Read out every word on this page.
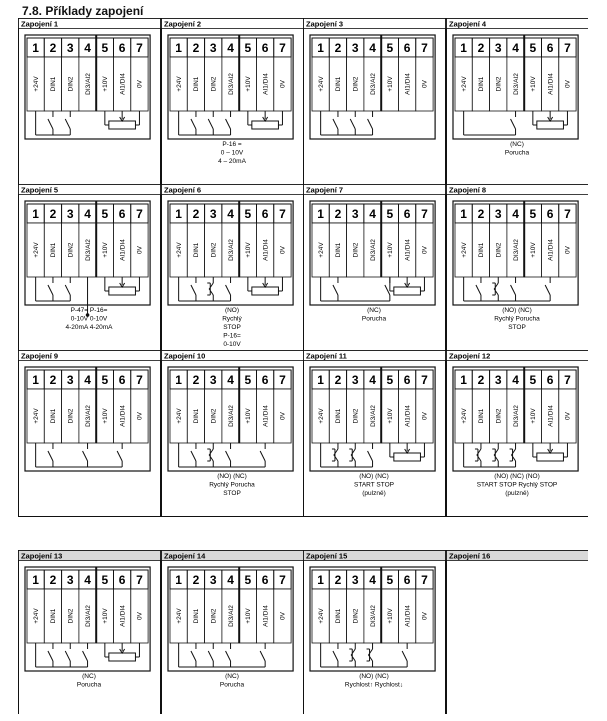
7.8. Příklady zapojení
Zapojení 1
1
+24V
2
DIN1
3
DIN2
4
DI3/AI2
5
+10V
6
AI1/DI4
7
0V
Zapojení 2
1
+24V
2
DIN1
3
DIN2
4
DI3/AI2
5
+10V
6
AI1/DI4
7
0V
P-16 =
0 – 10V
4 – 20mA
Zapojení 3
1
+24V
2
DIN1
3
DIN2
4
DI3/AI2
5
+10V
6
AI1/DI4
7
0V
Zapojení 4
1
+24V
2
DIN1
3
DIN2
4
DI3/AI2
5
+10V
6
AI1/DI4
7
0V
(NC)
Porucha
Zapojení 5
1
+24V
2
DIN1
3
DIN2
4
DI3/AI2
5
+10V
6
AI1/DI4
7
0V
P-47= P-16=
0-10V 0-10V
4-20mA 4-20mA
Zapojení 6
1
+24V
2
DIN1
3
DIN2
4
DI3/AI2
5
+10V
6
AI1/DI4
7
0V
(NO)
Rychlý
STOP
P-16=
0-10V
Zapojení 7
1
+24V
2
DIN1
3
DIN2
4
DI3/AI2
5
+10V
6
AI1/DI4
7
0V
(NC)
Porucha
Zapojení 8
1
+24V
2
DIN1
3
DIN2
4
DI3/AI2
5
+10V
6
AI1/DI4
7
0V
(NO) (NC)
Rychlý Porucha
STOP
Zapojení 9
1
+24V
2
DIN1
3
DIN2
4
DI3/AI2
5
+10V
6
AI1/DI4
7
0V
Zapojení 10
1
+24V
2
DIN1
3
DIN2
4
DI3/AI2
5
+10V
6
AI1/DI4
7
0V
(NO) (NC)
Rychlý Porucha
STOP
Zapojení 11
1
+24V
2
DIN1
3
DIN2
4
DI3/AI2
5
+10V
6
AI1/DI4
7
0V
(NO) (NC)
START STOP
(pulzně)
Zapojení 12
1
+24V
2
DIN1
3
DIN2
4
DI3/AI2
5
+10V
6
AI1/DI4
7
0V
(NO) (NC) (NO)
START STOP Rychlý STOP
(pulzně)
Zapojení 13
1
+24V
2
DIN1
3
DIN2
4
DI3/AI2
5
+10V
6
AI1/DI4
7
0V
(NC)
Porucha
Zapojení 14
1
+24V
2
DIN1
3
DIN2
4
DI3/AI2
5
+10V
6
AI1/DI4
7
0V
(NC)
Porucha
Zapojení 15
1
+24V
2
DIN1
3
DIN2
4
DI3/AI2
5
+10V
6
AI1/DI4
7
0V
(NO) (NC)
Rychlost↑ Rychlost↓
Zapojení 16
